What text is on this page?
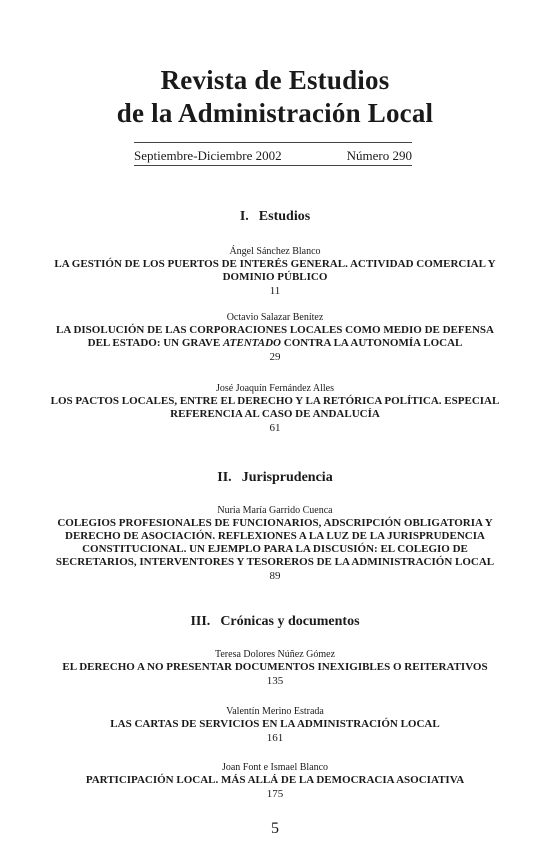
Revista de Estudios
de la Administración Local
Septiembre-Diciembre 2002	Número 290
I. Estudios
Ángel Sánchez Blanco
LA GESTIÓN DE LOS PUERTOS DE INTERÉS GENERAL. ACTIVIDAD COMERCIAL Y
DOMINIO PÚBLICO
11
Octavio Salazar Benítez
LA DISOLUCIÓN DE LAS CORPORACIONES LOCALES COMO MEDIO DE DEFENSA
DEL ESTADO: UN GRAVE ATENTADO CONTRA LA AUTONOMÍA LOCAL
29
José Joaquín Fernández Alles
LOS PACTOS LOCALES, ENTRE EL DERECHO Y LA RETÓRICA POLÍTICA. ESPECIAL
REFERENCIA AL CASO DE ANDALUCÍA
61
II. Jurisprudencia
Nuria María Garrido Cuenca
COLEGIOS PROFESIONALES DE FUNCIONARIOS, ADSCRIPCIÓN OBLIGATORIA Y
DERECHO DE ASOCIACIÓN. REFLEXIONES A LA LUZ DE LA JURISPRUDENCIA
CONSTITUCIONAL. UN EJEMPLO PARA LA DISCUSIÓN: EL COLEGIO DE
SECRETARIOS, INTERVENTORES Y TESOREROS DE LA ADMINISTRACIÓN LOCAL
89
III. Crónicas y documentos
Teresa Dolores Núñez Gómez
EL DERECHO A NO PRESENTAR DOCUMENTOS INEXIGIBLES O REITERATIVOS
135
Valentín Merino Estrada
LAS CARTAS DE SERVICIOS EN LA ADMINISTRACIÓN LOCAL
161
Joan Font e Ismael Blanco
PARTICIPACIÓN LOCAL. MÁS ALLÁ DE LA DEMOCRACIA ASOCIATIVA
175
5
